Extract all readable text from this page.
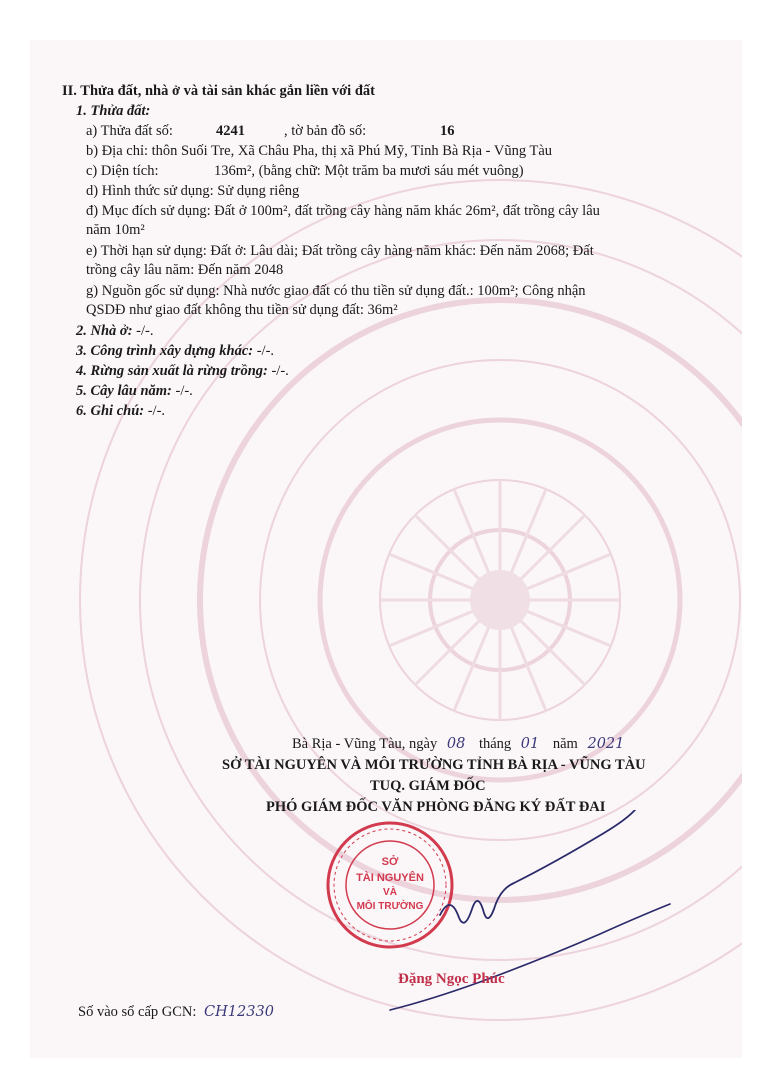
II. Thửa đất, nhà ở và tài sản khác gắn liền với đất
1. Thửa đất:
a) Thửa đất số:	4241	, tờ bản đồ số:	16
b) Địa chỉ: thôn Suối Tre, Xã Châu Pha, thị xã Phú Mỹ, Tỉnh Bà Rịa - Vũng Tàu
c) Diện tích:	136m², (bằng chữ: Một trăm ba mươi sáu mét vuông)
d) Hình thức sử dụng: Sử dụng riêng
đ) Mục đích sử dụng: Đất ở 100m², đất trồng cây hàng năm khác 26m², đất trồng cây lâu
năm 10m²
e) Thời hạn sử dụng: Đất ở: Lâu dài; Đất trồng cây hàng năm khác: Đến năm 2068; Đất
trồng cây lâu năm: Đến năm 2048
g) Nguồn gốc sử dụng: Nhà nước giao đất có thu tiền sử dụng đất.: 100m²; Công nhận
QSDĐ như giao đất không thu tiền sử dụng đất: 36m²
2. Nhà ở: -/-.
3. Công trình xây dựng khác: -/-.
4. Rừng sản xuất là rừng trồng: -/-.
5. Cây lâu năm: -/-.
6. Ghi chú: -/-.
Bà Rịa - Vũng Tàu, ngày 08 tháng 01 năm 2021
SỞ TÀI NGUYÊN VÀ MÔI TRƯỜNG TỈNH BÀ RỊA - VŨNG TÀU
TUQ. GIÁM ĐỐC
PHÓ GIÁM ĐỐC VĂN PHÒNG ĐĂNG KÝ ĐẤT ĐAI
SỞ
TÀI NGUYÊN
VÀ
MÔI TRƯỜNG
Đặng Ngọc Phúc
Số vào sổ cấp GCN: CH12330
